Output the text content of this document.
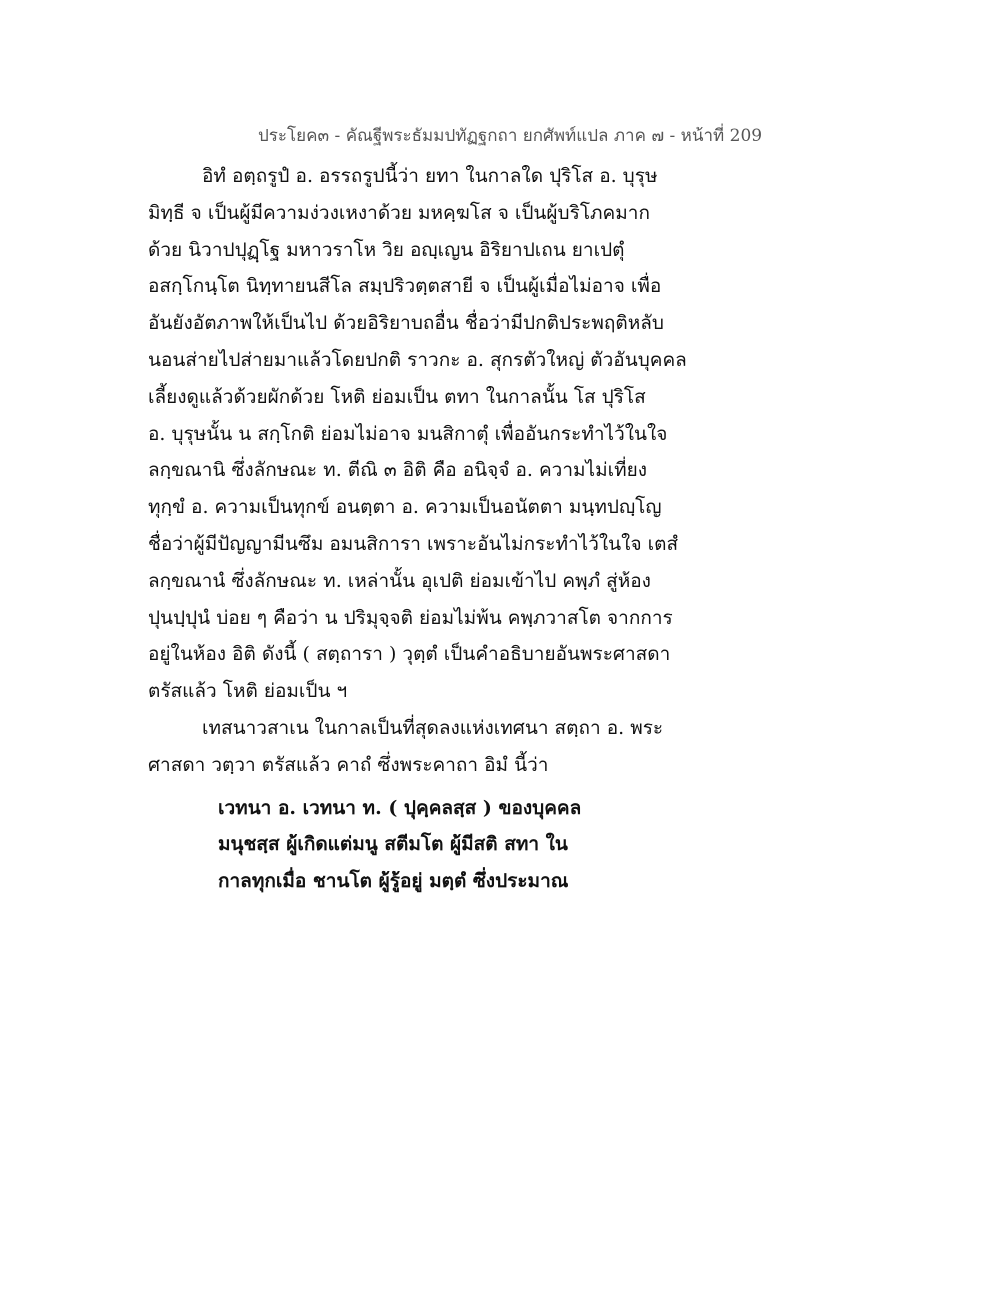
ประโยค๓ - คัณฐีพระธัมมปทัฏฐกถา ยกศัพท์แปล ภาค ๗ - หน้าที่ 209
อิทํ อตฺถรูปํ อ. อรรถรูปนี้ว่า ยทา ในกาลใด ปุริโส อ. บุรุษ
มิทฺธี จ เป็นผู้มีความง่วงเหงาด้วย มหคฺฆโส จ เป็นผู้บริโภคมาก
ด้วย นิวาปปุฏฺโฐ มหาวราโห วิย อญฺเญน อิริยาปเถน ยาเปตุํ
อสกฺโกนฺโต นิทฺทายนสีโล สมฺปริวตฺตสายี จ เป็นผู้เมื่อไม่อาจ เพื่อ
อันยังอัตภาพให้เป็นไป ด้วยอิริยาบถอื่น ชื่อว่ามีปกติประพฤติหลับ
นอนส่ายไปส่ายมาแล้วโดยปกติ ราวกะ อ. สุกรตัวใหญ่ ตัวอันบุคคล
เลี้ยงดูแล้วด้วยผักด้วย โหติ ย่อมเป็น ตทา ในกาลนั้น โส ปุริโส
อ. บุรุษนั้น น สกฺโกติ ย่อมไม่อาจ มนสิกาตุํ เพื่ออันกระทำไว้ในใจ
ลกฺขณานิ ซึ่งลักษณะ ท. ตีณิ ๓ อิติ คือ อนิจฺจํ อ. ความไม่เที่ยง
ทุกฺขํ อ. ความเป็นทุกข์ อนตฺตา อ. ความเป็นอนัตตา มนฺทปญฺโญ
ชื่อว่าผู้มีปัญญามีนซึม อมนสิการา เพราะอันไม่กระทำไว้ในใจ เตสํ
ลกฺขณานํ ซึ่งลักษณะ ท. เหล่านั้น อุเปติ ย่อมเข้าไป คพฺภํ สู่ห้อง
ปุนปฺปุนํ บ่อย ๆ คือว่า น ปริมุจฺจติ ย่อมไม่พ้น คพฺภวาสโต จากการ
อยู่ในห้อง อิติ ดังนี้ ( สตฺถารา ) วุตฺตํ เป็นคำอธิบายอันพระศาสดา
ตรัสแล้ว โหติ ย่อมเป็น ฯ
เทสนาวสาเน ในกาลเป็นที่สุดลงแห่งเทศนา สตฺถา อ. พระ
ศาสดา วตฺวา ตรัสแล้ว คาถํ ซึ่งพระคาถา อิมํ นี้ว่า
เวทนา อ. เวทนา ท. ( ปุคฺคลสฺส ) ของบุคคล
มนุชสฺส ผู้เกิดแต่มนู สตีมโต ผู้มีสติ สทา ใน
กาลทุกเมื่อ ชานโต ผู้รู้อยู่ มตฺตํ ซึ่งประมาณ
